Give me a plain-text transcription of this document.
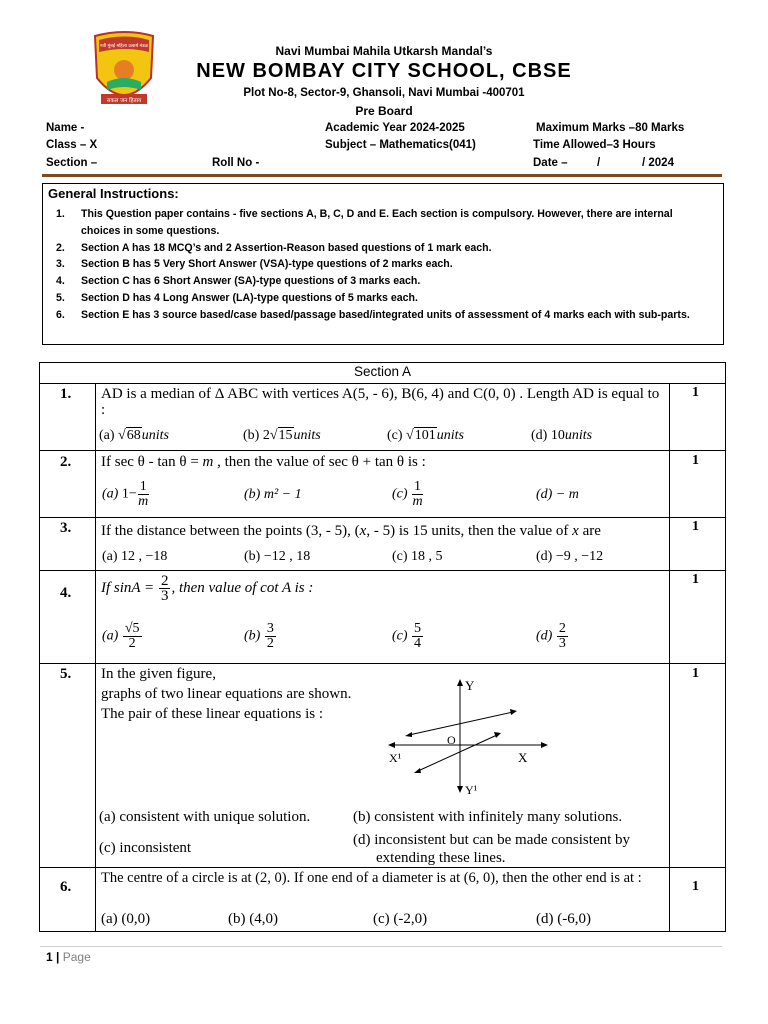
नवी मुंबई महिला उत्कर्ष मंडळ
सकल जन हिताय
Navi Mumbai Mahila Utkarsh Mandal’s
NEW BOMBAY CITY SCHOOL, CBSE
Plot No-8, Sector-9, Ghansoli, Navi Mumbai -400701
Pre Board
Name -
Class – X
Section –	Roll No -
Academic Year 2024-2025
Subject – Mathematics(041)
Maximum Marks –80 Marks
Time Allowed–3 Hours
Date –	/	/ 2024
General Instructions:
1.	This Question paper contains - five sections A, B, C, D and E. Each section is compulsory. However, there are internal choices in some questions.
2.	Section A has 18 MCQ’s and 2 Assertion-Reason based questions of 1 mark each.
3.	Section B has 5 Very Short Answer (VSA)-type questions of 2 marks each.
4.	Section C has 6 Short Answer (SA)-type questions of 3 marks each.
5.	Section D has 4 Long Answer (LA)-type questions of 5 marks each.
6.	Section E has 3 source based/case based/passage based/integrated units of assessment of 4 marks each with sub-parts.
Section A
1.	1
AD is a median of Δ ABC with vertices A(5, - 6), B(6, 4) and C(0, 0) . Length AD is equal to :
(a) √68units	(b) 2√15units	(c) √101units	(d) 10units
2.	1
If sec θ - tan θ = m , then the value of sec θ + tan θ is :
(a) $1- \frac{1}{m}$	(b) m² − 1	$(c) \frac{1}{m}$	(d) − m
3.	1
If the distance between the points (3, - 5), (x, - 5) is 15 units, then the value of x are
(a) 12 , −18	(b) −12 , 18	(c) 18 , 5	(d) −9 , −12
4.
1
If $\sin A = \frac{2}{3}$ , then value of cot A is :
$(a) \frac{√5}{2}$	$(b) \frac{3}{2}$	$(c) \frac{5}{4}$	$(d) \frac{2}{3}$
5.	1
In the given figure,
graphs of two linear equations are shown.
The pair of these linear equations is :
Y
Y¹
X
X¹
O
(a) consistent with unique solution.	(b) consistent with infinitely many solutions.
(c) inconsistent	(d) inconsistent but can be made consistent by
extending these lines.
6.	1
The centre of a circle is at (2, 0). If one end of a diameter is at (6, 0), then the other end is at :
(a) (0,0)	(b) (4,0)	(c) (-2,0)	(d) (-6,0)
1 | Page
